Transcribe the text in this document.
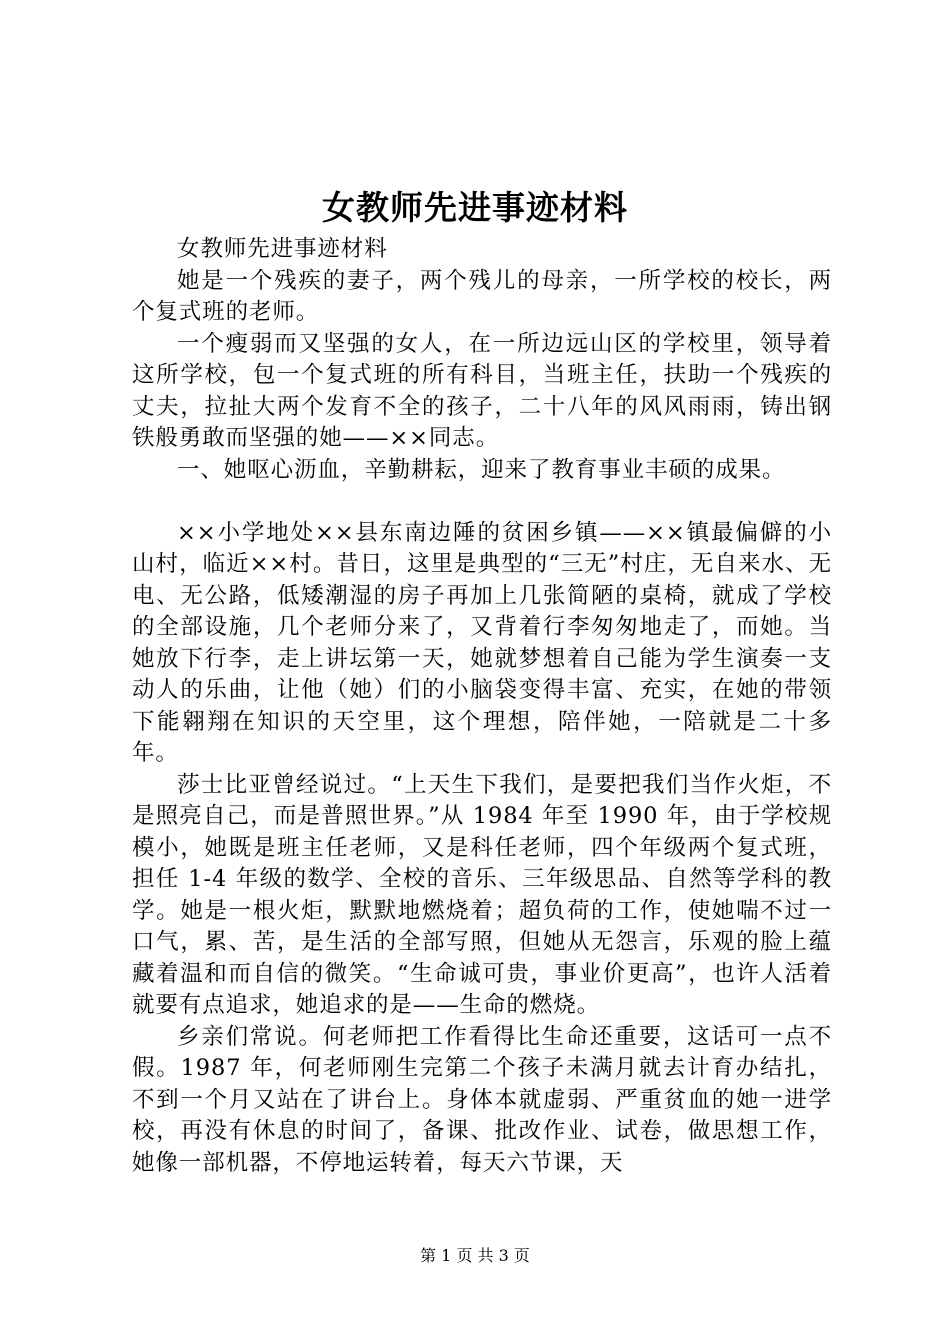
女教师先进事迹材料

女教师先进事迹材料

她是一个残疾的妻子，两个残儿的母亲，一所学校的校长，两个复式班的老师。

一个瘦弱而又坚强的女人，在一所边远山区的学校里，领导着这所学校，包一个复式班的所有科目，当班主任，扶助一个残疾的丈夫，拉扯大两个发育不全的孩子，二十八年的风风雨雨，铸出钢铁般勇敢而坚强的她——××同志。

一、她呕心沥血，辛勤耕耘，迎来了教育事业丰硕的成果。

××小学地处××县东南边陲的贫困乡镇——××镇最偏僻的小山村，临近××村。昔日，这里是典型的“三无”村庄，无自来水、无电、无公路，低矮潮湿的房子再加上几张简陋的桌椅，就成了学校的全部设施，几个老师分来了，又背着行李匆匆地走了，而她。当她放下行李，走上讲坛第一天，她就梦想着自己能为学生演奏一支动人的乐曲，让他（她）们的小脑袋变得丰富、充实，在她的带领下能翱翔在知识的天空里，这个理想，陪伴她，一陪就是二十多年。

莎士比亚曾经说过。“上天生下我们，是要把我们当作火炬，不是照亮自己，而是普照世界。”从 1984 年至 1990 年，由于学校规模小，她既是班主任老师，又是科任老师，四个年级两个复式班，担任 1-4 年级的数学、全校的音乐、三年级思品、自然等学科的教学。她是一根火炬，默默地燃烧着；超负荷的工作，使她喘不过一口气，累、苦，是生活的全部写照，但她从无怨言，乐观的脸上蕴藏着温和而自信的微笑。“生命诚可贵，事业价更高”，也许人活着就要有点追求，她追求的是——生命的燃烧。

乡亲们常说。何老师把工作看得比生命还重要，这话可一点不假。1987 年，何老师刚生完第二个孩子未满月就去计育办结扎，不到一个月又站在了讲台上。身体本就虚弱、严重贫血的她一进学校，再没有休息的时间了，备课、批改作业、试卷，做思想工作，她像一部机器，不停地运转着，每天六节课，天

第 1 页 共 3 页
